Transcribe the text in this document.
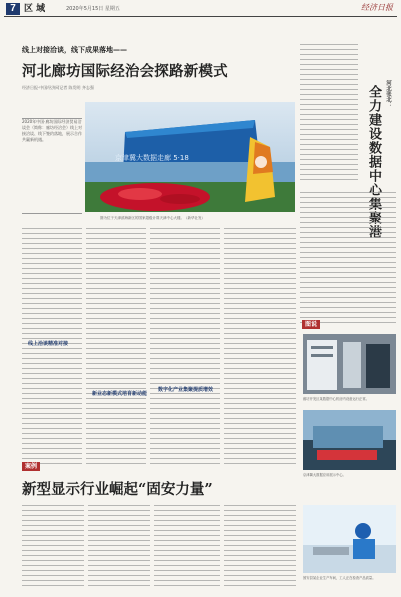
7 区 域	2020年5月15日 星期五	经济日报
线上对接洽谈，线下成果落地——
河北廊坊国际经治会探路新模式
经济日报·中国经济网记者 陈发明 齐志强
2020年中国·廊坊国际经济贸易洽谈会（简称：廊坊经洽会）线上对接洽谈、线下签约落地，展示合作共赢新机遇。
京津冀大数据走廊 5·18
图为位于天津滨海新区的国家超级计算天津中心大楼。（新华社发）
线上洽谈精准对接
新业态新模式培育新动能
数字化产业集聚提质增效
河北张北：
全力建设数据中心集聚港
图说
廊坊开发区某数据中心机房内设备运行正常。
京津冀大数据应用展示中心。
固安县某企业生产车间，工人正在检查产品质量。
案例
新型显示行业崛起“固安力量”
